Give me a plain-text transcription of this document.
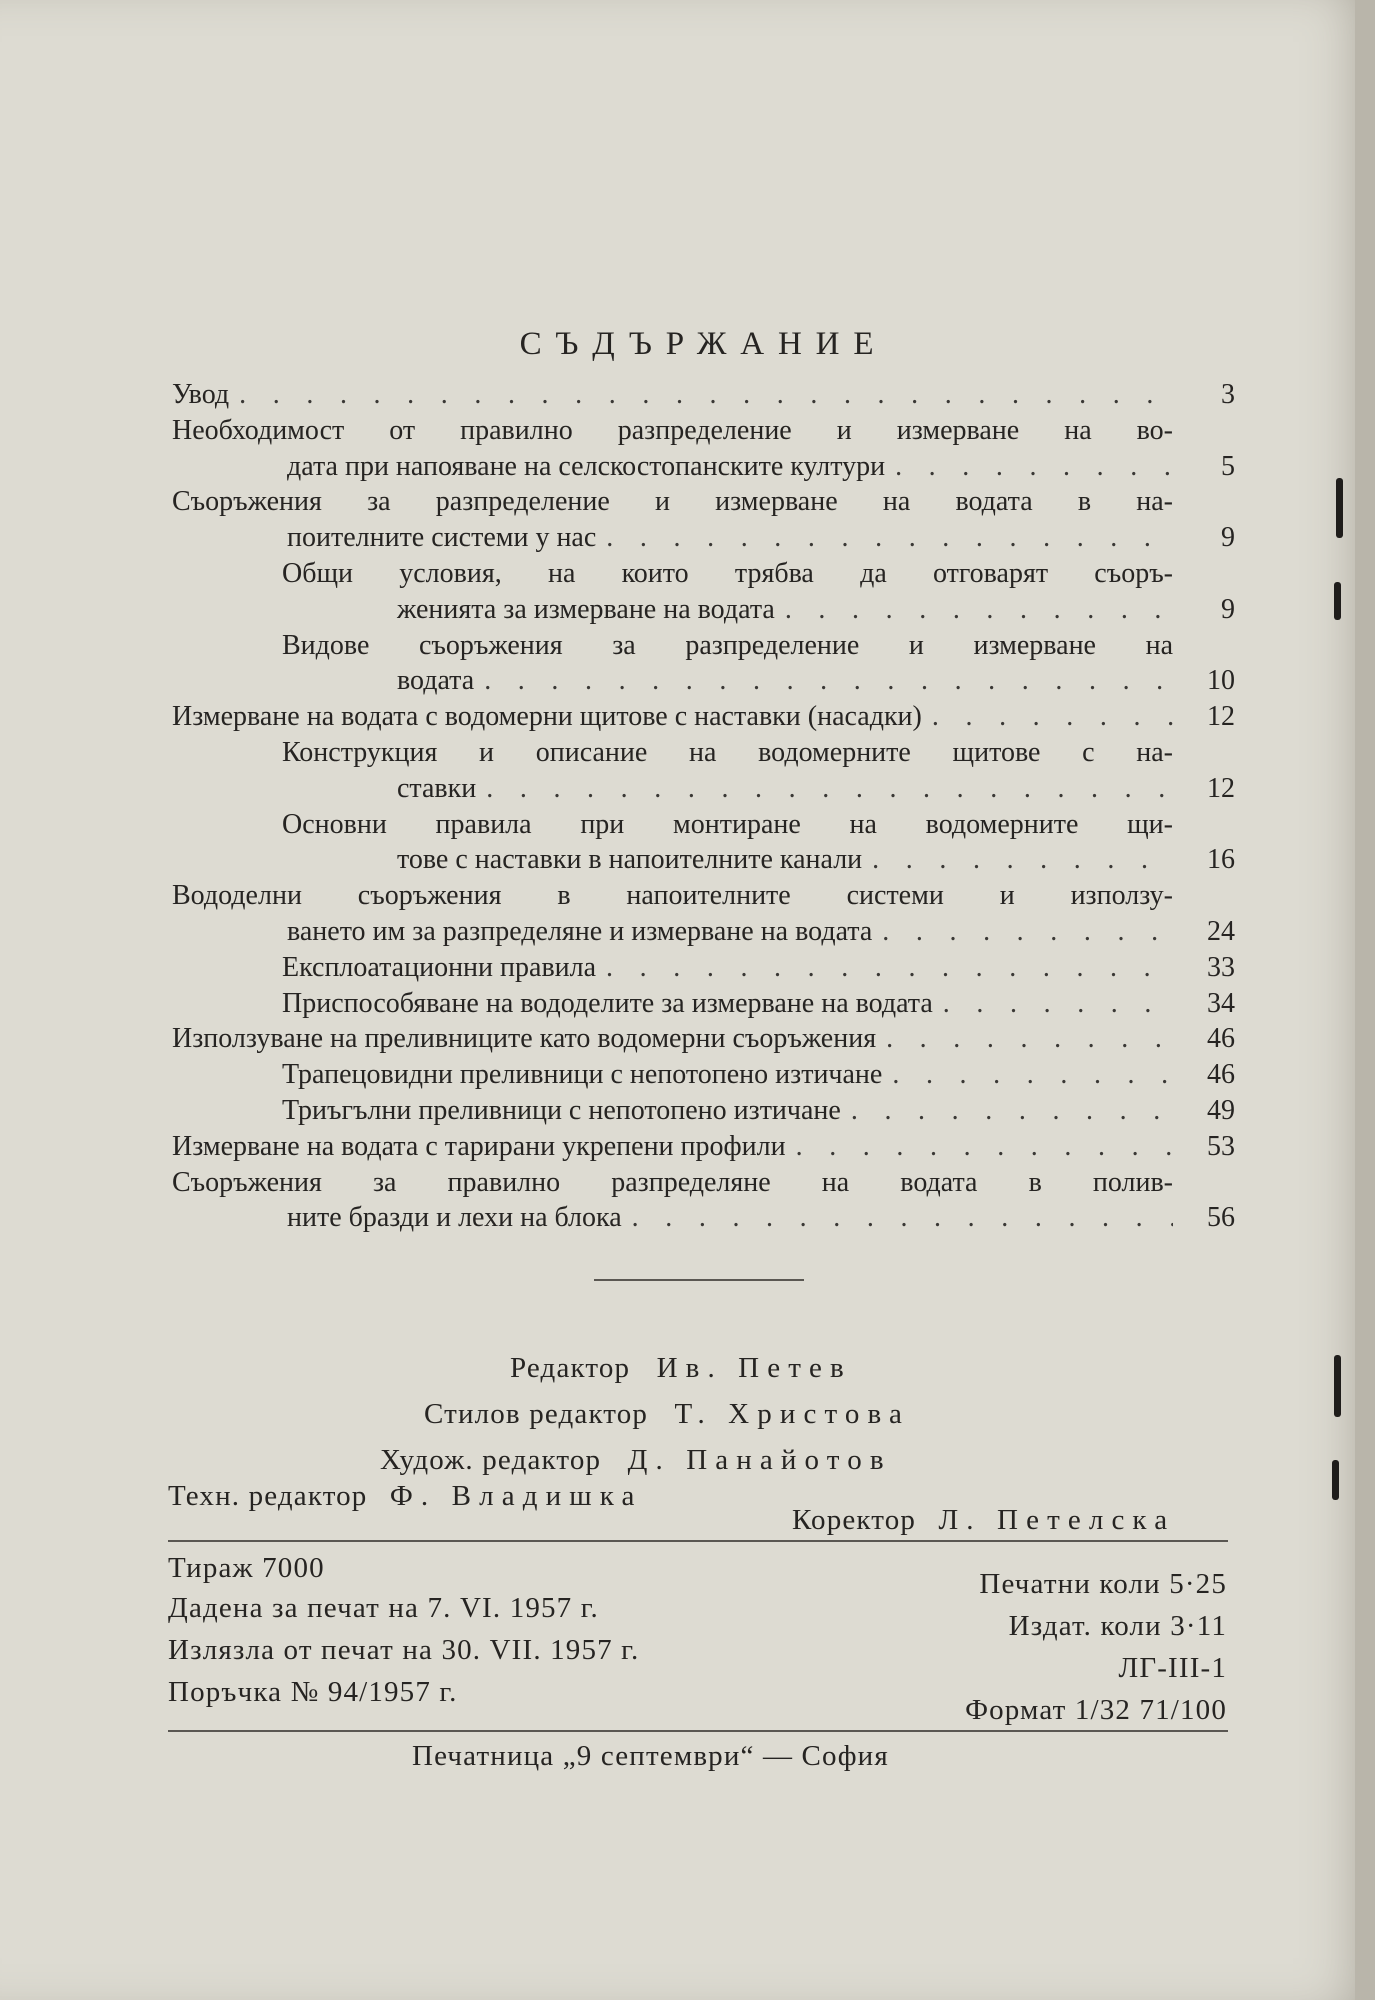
СЪДЪРЖАНИЕ
Увод . . .	3
Необходимост от правилно разпределение и измерване на во-
дата при напояване на селскостопанските култури . . .	5
Съоръжения за разпределение и измерване на водата в на-
поителните системи у нас . . .	9
Общи условия, на които трябва да отговарят съоръ-
женията за измерване на водата . . .	9
Видове съоръжения за разпределение и измерване на
водата . . .	10
Измерване на водата с водомерни щитове с наставки (насадки) . . .	12
Конструкция и описание на водомерните щитове с на-
ставки . . .	12
Основни правила при монтиране на водомерните щи-
тове с наставки в напоителните канали . . .	16
Вододелни съоръжения в напоителните системи и използу-
ването им за разпределяне и измерване на водата . . .	24
Експлоатационни правила . . .	33
Приспособяване на вододелите за измерване на водата . . .	34
Използуване на преливниците като водомерни съоръжения . . .	46
Трапецовидни преливници с непотопено изтичане . . .	46
Триъгълни преливници с непотопено изтичане . . .	49
Измерване на водата с тарирани укрепени профили . . .	53
Съоръжения за правилно разпределяне на водата в полив-
ните бразди и лехи на блока . . .	56
Редактор Ив. Петев
Стилов редактор Т. Христова
Худож. редактор Д. Панайотов
Техн. редактор Ф. Владишка
Коректор Л. Петелска
Тираж 7000
Дадена за печат на 7. VI. 1957 г.
Излязла от печат на 30. VII. 1957 г.
Поръчка № 94/1957 г.
Печатни коли 5·25
Издат. коли 3·11
ЛГ-III-1
Формат 1/32 71/100
Печатница „9 септември“ — София
